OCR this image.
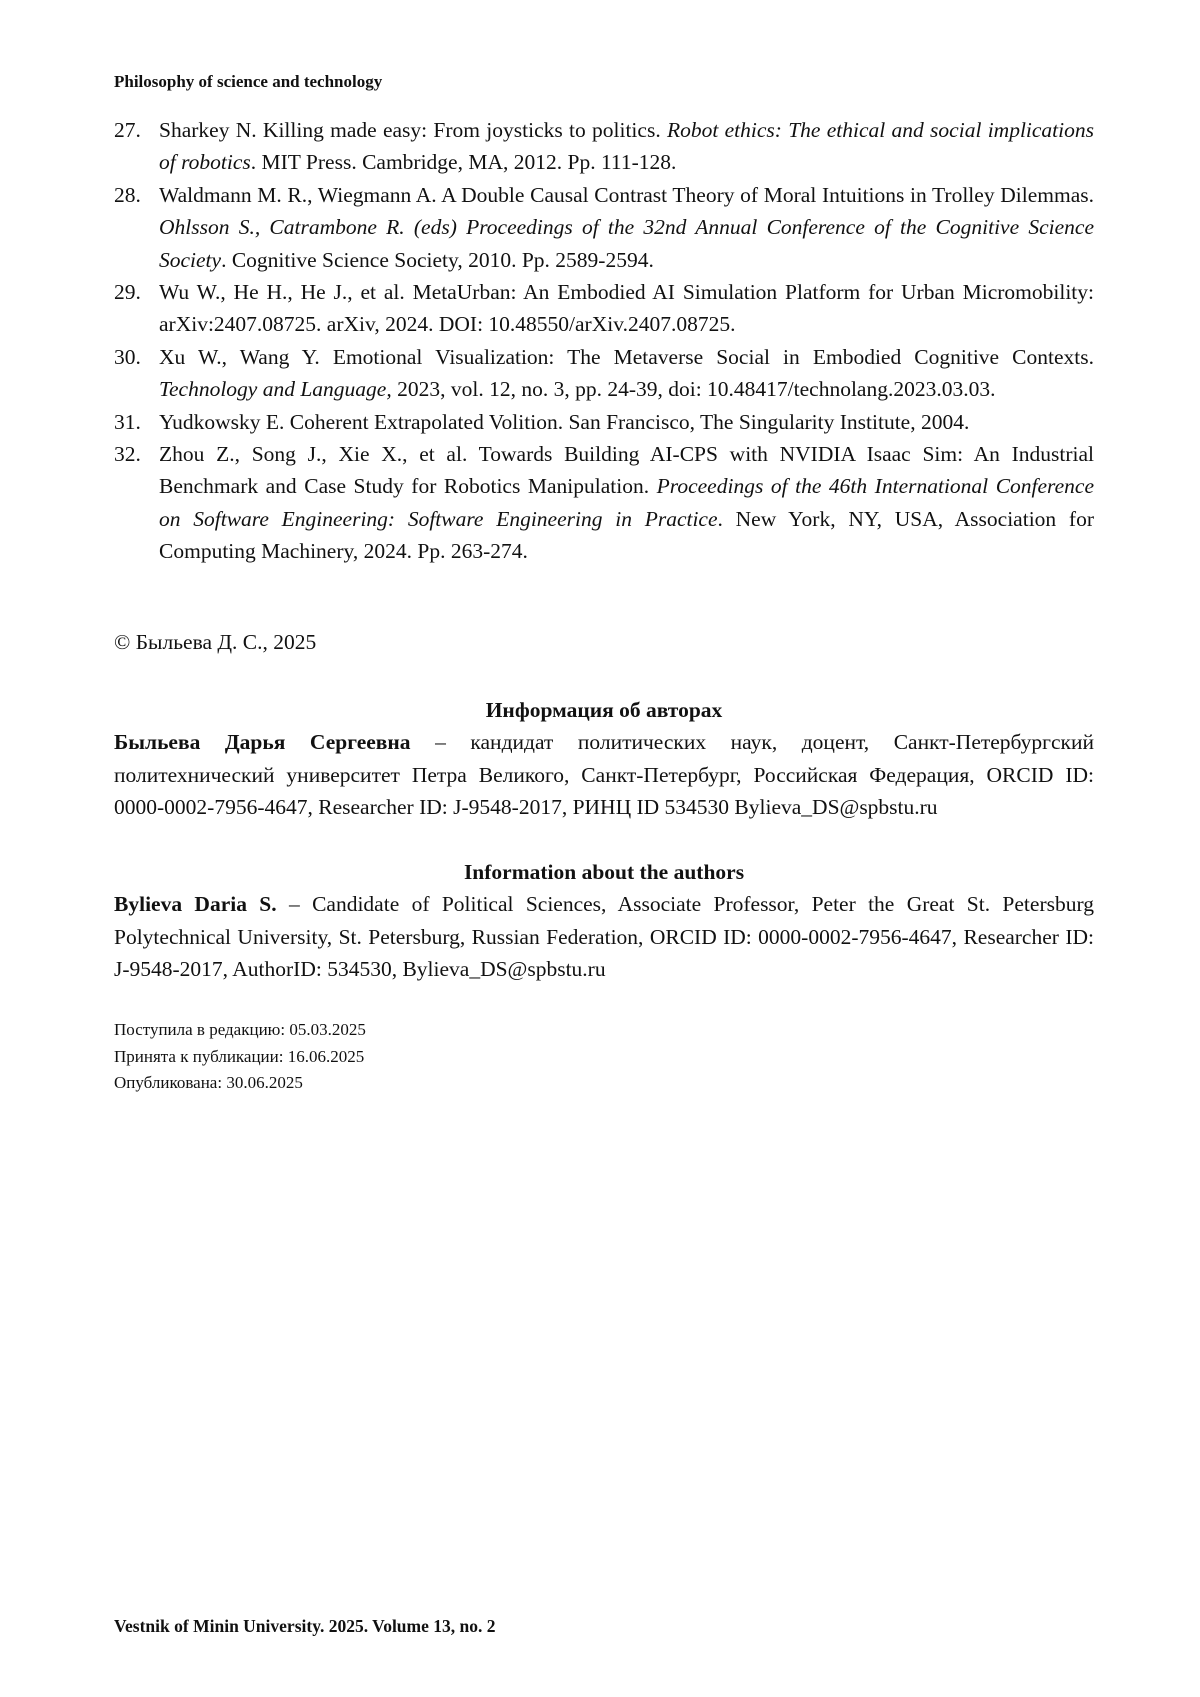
Philosophy of science and technology
27. Sharkey N. Killing made easy: From joysticks to politics. Robot ethics: The ethical and social implications of robotics. MIT Press. Cambridge, MA, 2012. Pp. 111-128.
28. Waldmann M. R., Wiegmann A. A Double Causal Contrast Theory of Moral Intuitions in Trolley Dilemmas. Ohlsson S., Catrambone R. (eds) Proceedings of the 32nd Annual Conference of the Cognitive Science Society. Cognitive Science Society, 2010. Pp. 2589-2594.
29. Wu W., He H., He J., et al. MetaUrban: An Embodied AI Simulation Platform for Urban Micromobility: arXiv:2407.08725. arXiv, 2024. DOI: 10.48550/arXiv.2407.08725.
30. Xu W., Wang Y. Emotional Visualization: The Metaverse Social in Embodied Cognitive Contexts. Technology and Language, 2023, vol. 12, no. 3, pp. 24-39, doi: 10.48417/technolang.2023.03.03.
31. Yudkowsky E. Coherent Extrapolated Volition. San Francisco, The Singularity Institute, 2004.
32. Zhou Z., Song J., Xie X., et al. Towards Building AI-CPS with NVIDIA Isaac Sim: An Industrial Benchmark and Case Study for Robotics Manipulation. Proceedings of the 46th International Conference on Software Engineering: Software Engineering in Practice. New York, NY, USA, Association for Computing Machinery, 2024. Pp. 263-274.
© Быльева Д. С., 2025
Информация об авторах
Быльева Дарья Сергеевна – кандидат политических наук, доцент, Санкт-Петербургский политехнический университет Петра Великого, Санкт-Петербург, Российская Федерация, ORCID ID: 0000-0002-7956-4647, Researcher ID: J-9548-2017, РИНЦ ID 534530 Bylieva_DS@spbstu.ru
Information about the authors
Bylieva Daria S. – Candidate of Political Sciences, Associate Professor, Peter the Great St. Petersburg Polytechnical University, St. Petersburg, Russian Federation, ORCID ID: 0000-0002-7956-4647, Researcher ID: J-9548-2017, AuthorID: 534530, Bylieva_DS@spbstu.ru
Поступила в редакцию: 05.03.2025
Принята к публикации: 16.06.2025
Опубликована: 30.06.2025
Vestnik of Minin University. 2025. Volume 13, no. 2
